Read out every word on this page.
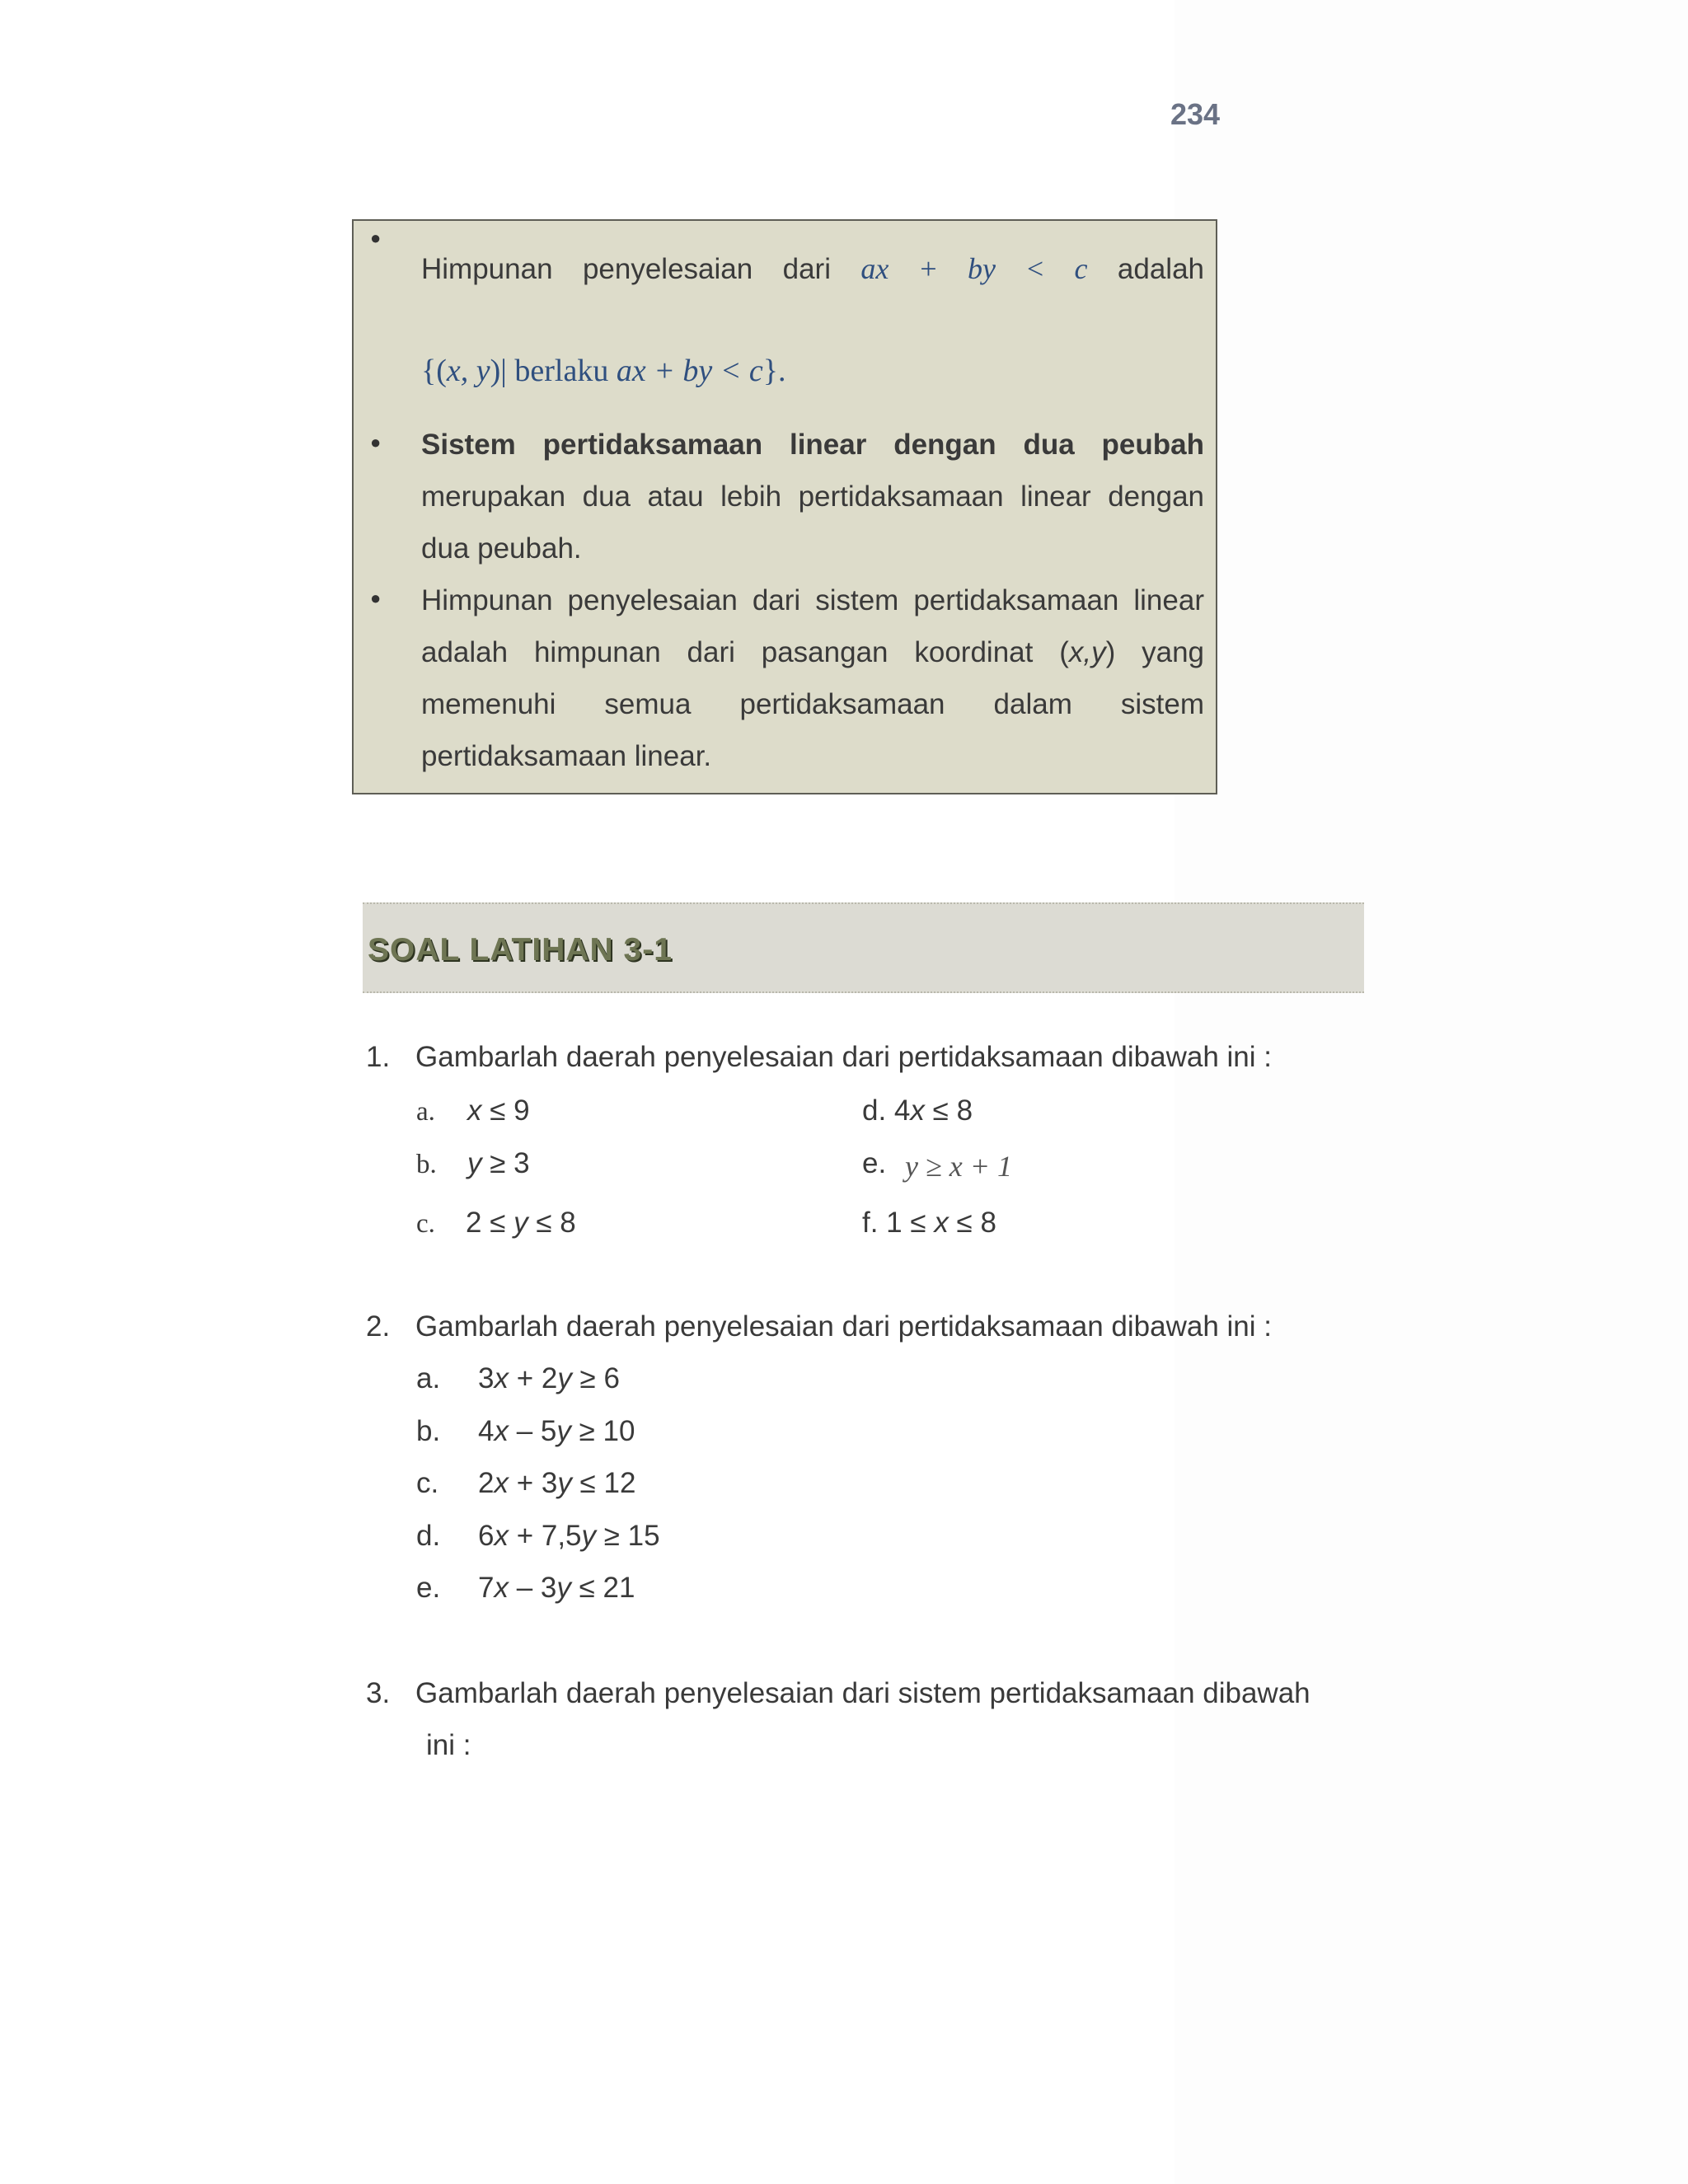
234
●
Himpunan penyelesaian dari ax + by < c adalah
{(x, y)| berlaku ax + by < c}.
● Sistem pertidaksamaan linear dengan dua peubah merupakan dua atau lebih pertidaksamaan linear dengan dua peubah.
● Himpunan penyelesaian dari sistem pertidaksamaan linear adalah himpunan dari pasangan koordinat (x,y) yang memenuhi semua pertidaksamaan dalam sistem pertidaksamaan linear.
SOAL LATIHAN 3-1
1. Gambarlah daerah penyelesaian dari pertidaksamaan dibawah ini :
a. x ≤ 9
b. y ≥ 3
c. 2 ≤ y ≤ 8
d. 4x ≤ 8
e. y ≥ x + 1
f. 1 ≤ x ≤ 8
2. Gambarlah daerah penyelesaian dari pertidaksamaan dibawah ini :
a. 3x + 2y ≥ 6
b. 4x – 5y ≥ 10
c. 2x + 3y ≤ 12
d. 6x + 7,5y ≥ 15
e. 7x – 3y ≤ 21
3. Gambarlah daerah penyelesaian dari sistem pertidaksamaan dibawah
ini :
